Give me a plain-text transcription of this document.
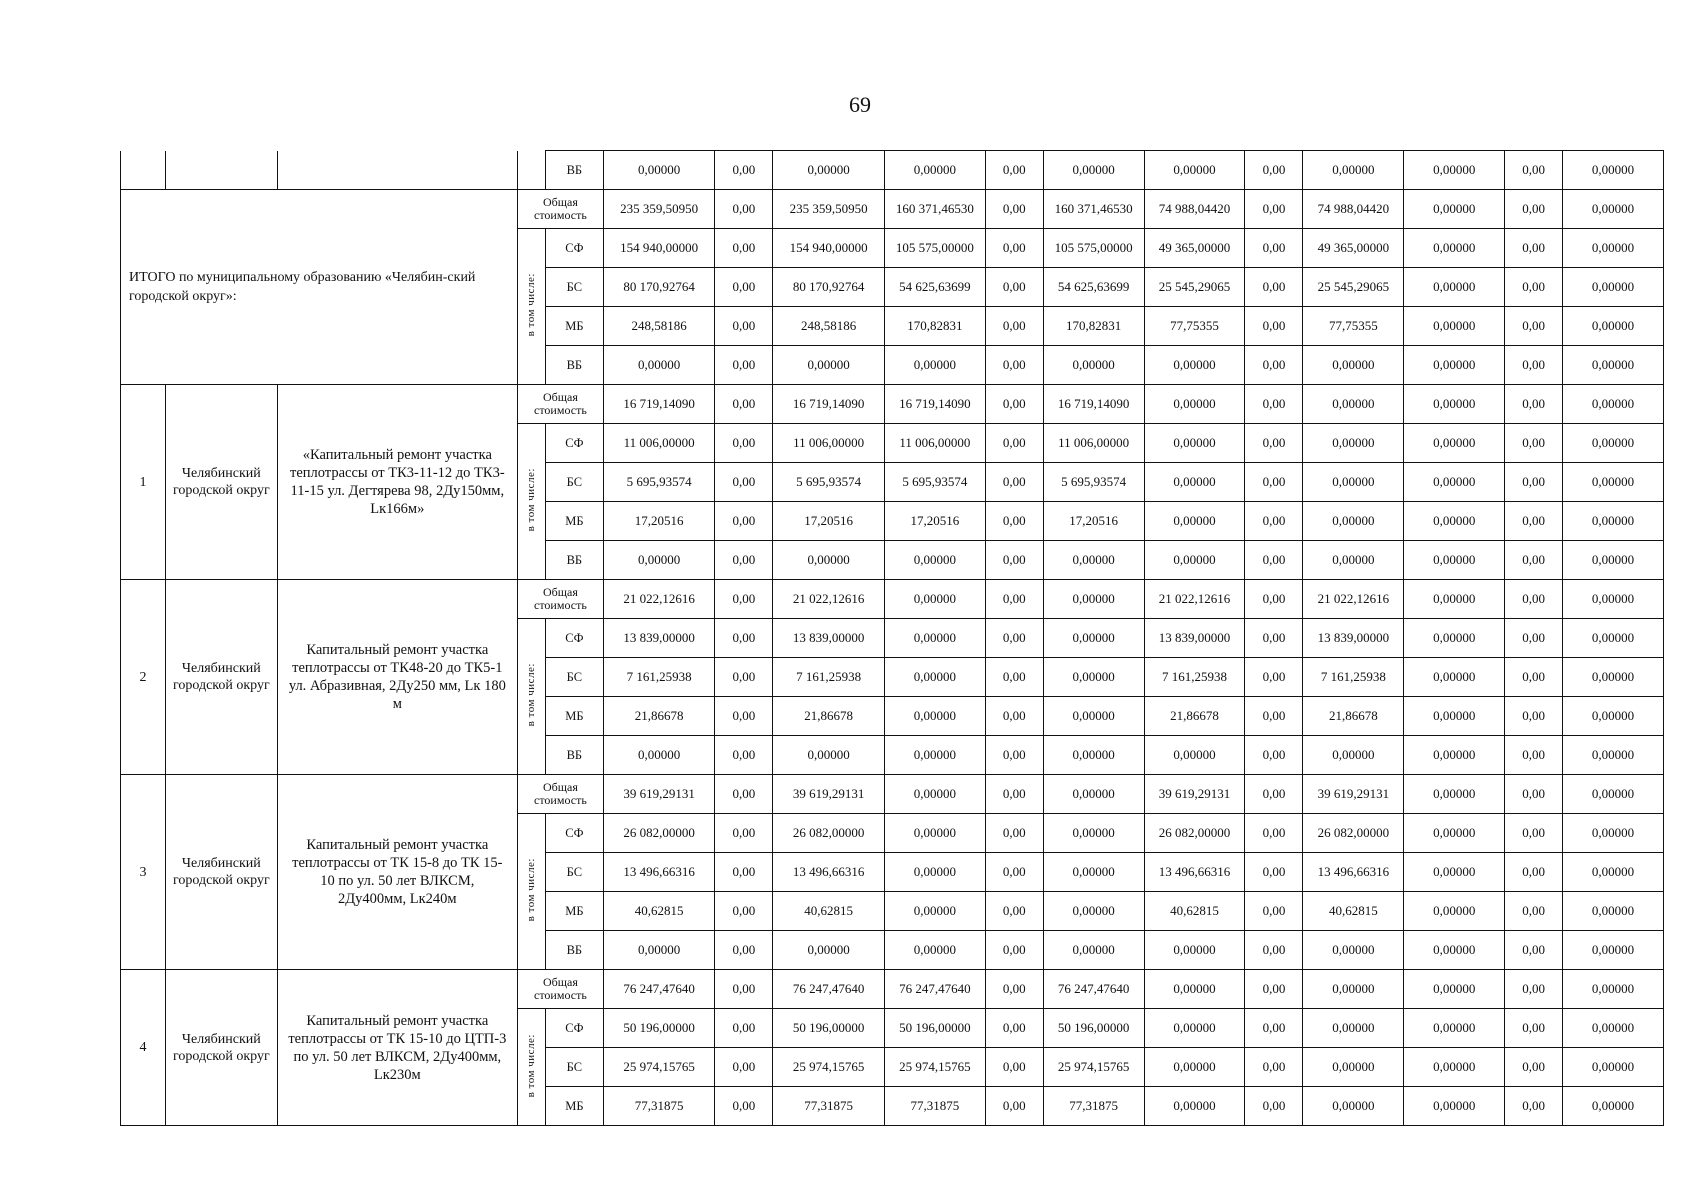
69
				ВБ	0,00000	0,00	0,00000	0,00000	0,00	0,00000	0,00000	0,00	0,00000	0,00000	0,00	0,00000
ИТОГО по муниципальному образованию «Челябин-ский городской округ»:			Общая стоимость		235 359,50950	0,00	235 359,50950	160 371,46530	0,00	160 371,46530	74 988,04420	0,00	74 988,04420	0,00000	0,00	0,00000
			в том числе:	СФ	154 940,00000	0,00	154 940,00000	105 575,00000	0,00	105 575,00000	49 365,00000	0,00	49 365,00000	0,00000	0,00	0,00000
				БС	80 170,92764	0,00	80 170,92764	54 625,63699	0,00	54 625,63699	25 545,29065	0,00	25 545,29065	0,00000	0,00	0,00000
				МБ	248,58186	0,00	248,58186	170,82831	0,00	170,82831	77,75355	0,00	77,75355	0,00000	0,00	0,00000
				ВБ	0,00000	0,00	0,00000	0,00000	0,00	0,00000	0,00000	0,00	0,00000	0,00000	0,00	0,00000
1	Челябинский городской округ	«Капитальный ремонт участка теплотрассы от ТК3-11-12 до ТК3-11-15 ул. Дегтярева 98, 2Ду150мм, Lк166м»	Общая стоимость		16 719,14090	0,00	16 719,14090	16 719,14090	0,00	16 719,14090	0,00000	0,00	0,00000	0,00000	0,00	0,00000
			в том числе:	СФ	11 006,00000	0,00	11 006,00000	11 006,00000	0,00	11 006,00000	0,00000	0,00	0,00000	0,00000	0,00	0,00000
				БС	5 695,93574	0,00	5 695,93574	5 695,93574	0,00	5 695,93574	0,00000	0,00	0,00000	0,00000	0,00	0,00000
				МБ	17,20516	0,00	17,20516	17,20516	0,00	17,20516	0,00000	0,00	0,00000	0,00000	0,00	0,00000
				ВБ	0,00000	0,00	0,00000	0,00000	0,00	0,00000	0,00000	0,00	0,00000	0,00000	0,00	0,00000
2	Челябинский городской округ	Капитальный ремонт участка теплотрассы от ТК48-20 до ТК5-1 ул. Абразивная, 2Ду250 мм, Lк 180 м	Общая стоимость		21 022,12616	0,00	21 022,12616	0,00000	0,00	0,00000	21 022,12616	0,00	21 022,12616	0,00000	0,00	0,00000
			в том числе:	СФ	13 839,00000	0,00	13 839,00000	0,00000	0,00	0,00000	13 839,00000	0,00	13 839,00000	0,00000	0,00	0,00000
				БС	7 161,25938	0,00	7 161,25938	0,00000	0,00	0,00000	7 161,25938	0,00	7 161,25938	0,00000	0,00	0,00000
				МБ	21,86678	0,00	21,86678	0,00000	0,00	0,00000	21,86678	0,00	21,86678	0,00000	0,00	0,00000
				ВБ	0,00000	0,00	0,00000	0,00000	0,00	0,00000	0,00000	0,00	0,00000	0,00000	0,00	0,00000
3	Челябинский городской округ	Капитальный ремонт участка теплотрассы от ТК 15-8 до ТК 15-10 по ул. 50 лет ВЛКСМ, 2Ду400мм, Lк240м	Общая стоимость		39 619,29131	0,00	39 619,29131	0,00000	0,00	0,00000	39 619,29131	0,00	39 619,29131	0,00000	0,00	0,00000
			в том числе:	СФ	26 082,00000	0,00	26 082,00000	0,00000	0,00	0,00000	26 082,00000	0,00	26 082,00000	0,00000	0,00	0,00000
				БС	13 496,66316	0,00	13 496,66316	0,00000	0,00	0,00000	13 496,66316	0,00	13 496,66316	0,00000	0,00	0,00000
				МБ	40,62815	0,00	40,62815	0,00000	0,00	0,00000	40,62815	0,00	40,62815	0,00000	0,00	0,00000
				ВБ	0,00000	0,00	0,00000	0,00000	0,00	0,00000	0,00000	0,00	0,00000	0,00000	0,00	0,00000
4	Челябинский городской округ	Капитальный ремонт участка теплотрассы от ТК 15-10 до ЦТП-3 по ул. 50 лет ВЛКСМ, 2Ду400мм, Lк230м	Общая стоимость		76 247,47640	0,00	76 247,47640	76 247,47640	0,00	76 247,47640	0,00000	0,00	0,00000	0,00000	0,00	0,00000
			в том числе:	СФ	50 196,00000	0,00	50 196,00000	50 196,00000	0,00	50 196,00000	0,00000	0,00	0,00000	0,00000	0,00	0,00000
				БС	25 974,15765	0,00	25 974,15765	25 974,15765	0,00	25 974,15765	0,00000	0,00	0,00000	0,00000	0,00	0,00000
				МБ	77,31875	0,00	77,31875	77,31875	0,00	77,31875	0,00000	0,00	0,00000	0,00000	0,00	0,00000
